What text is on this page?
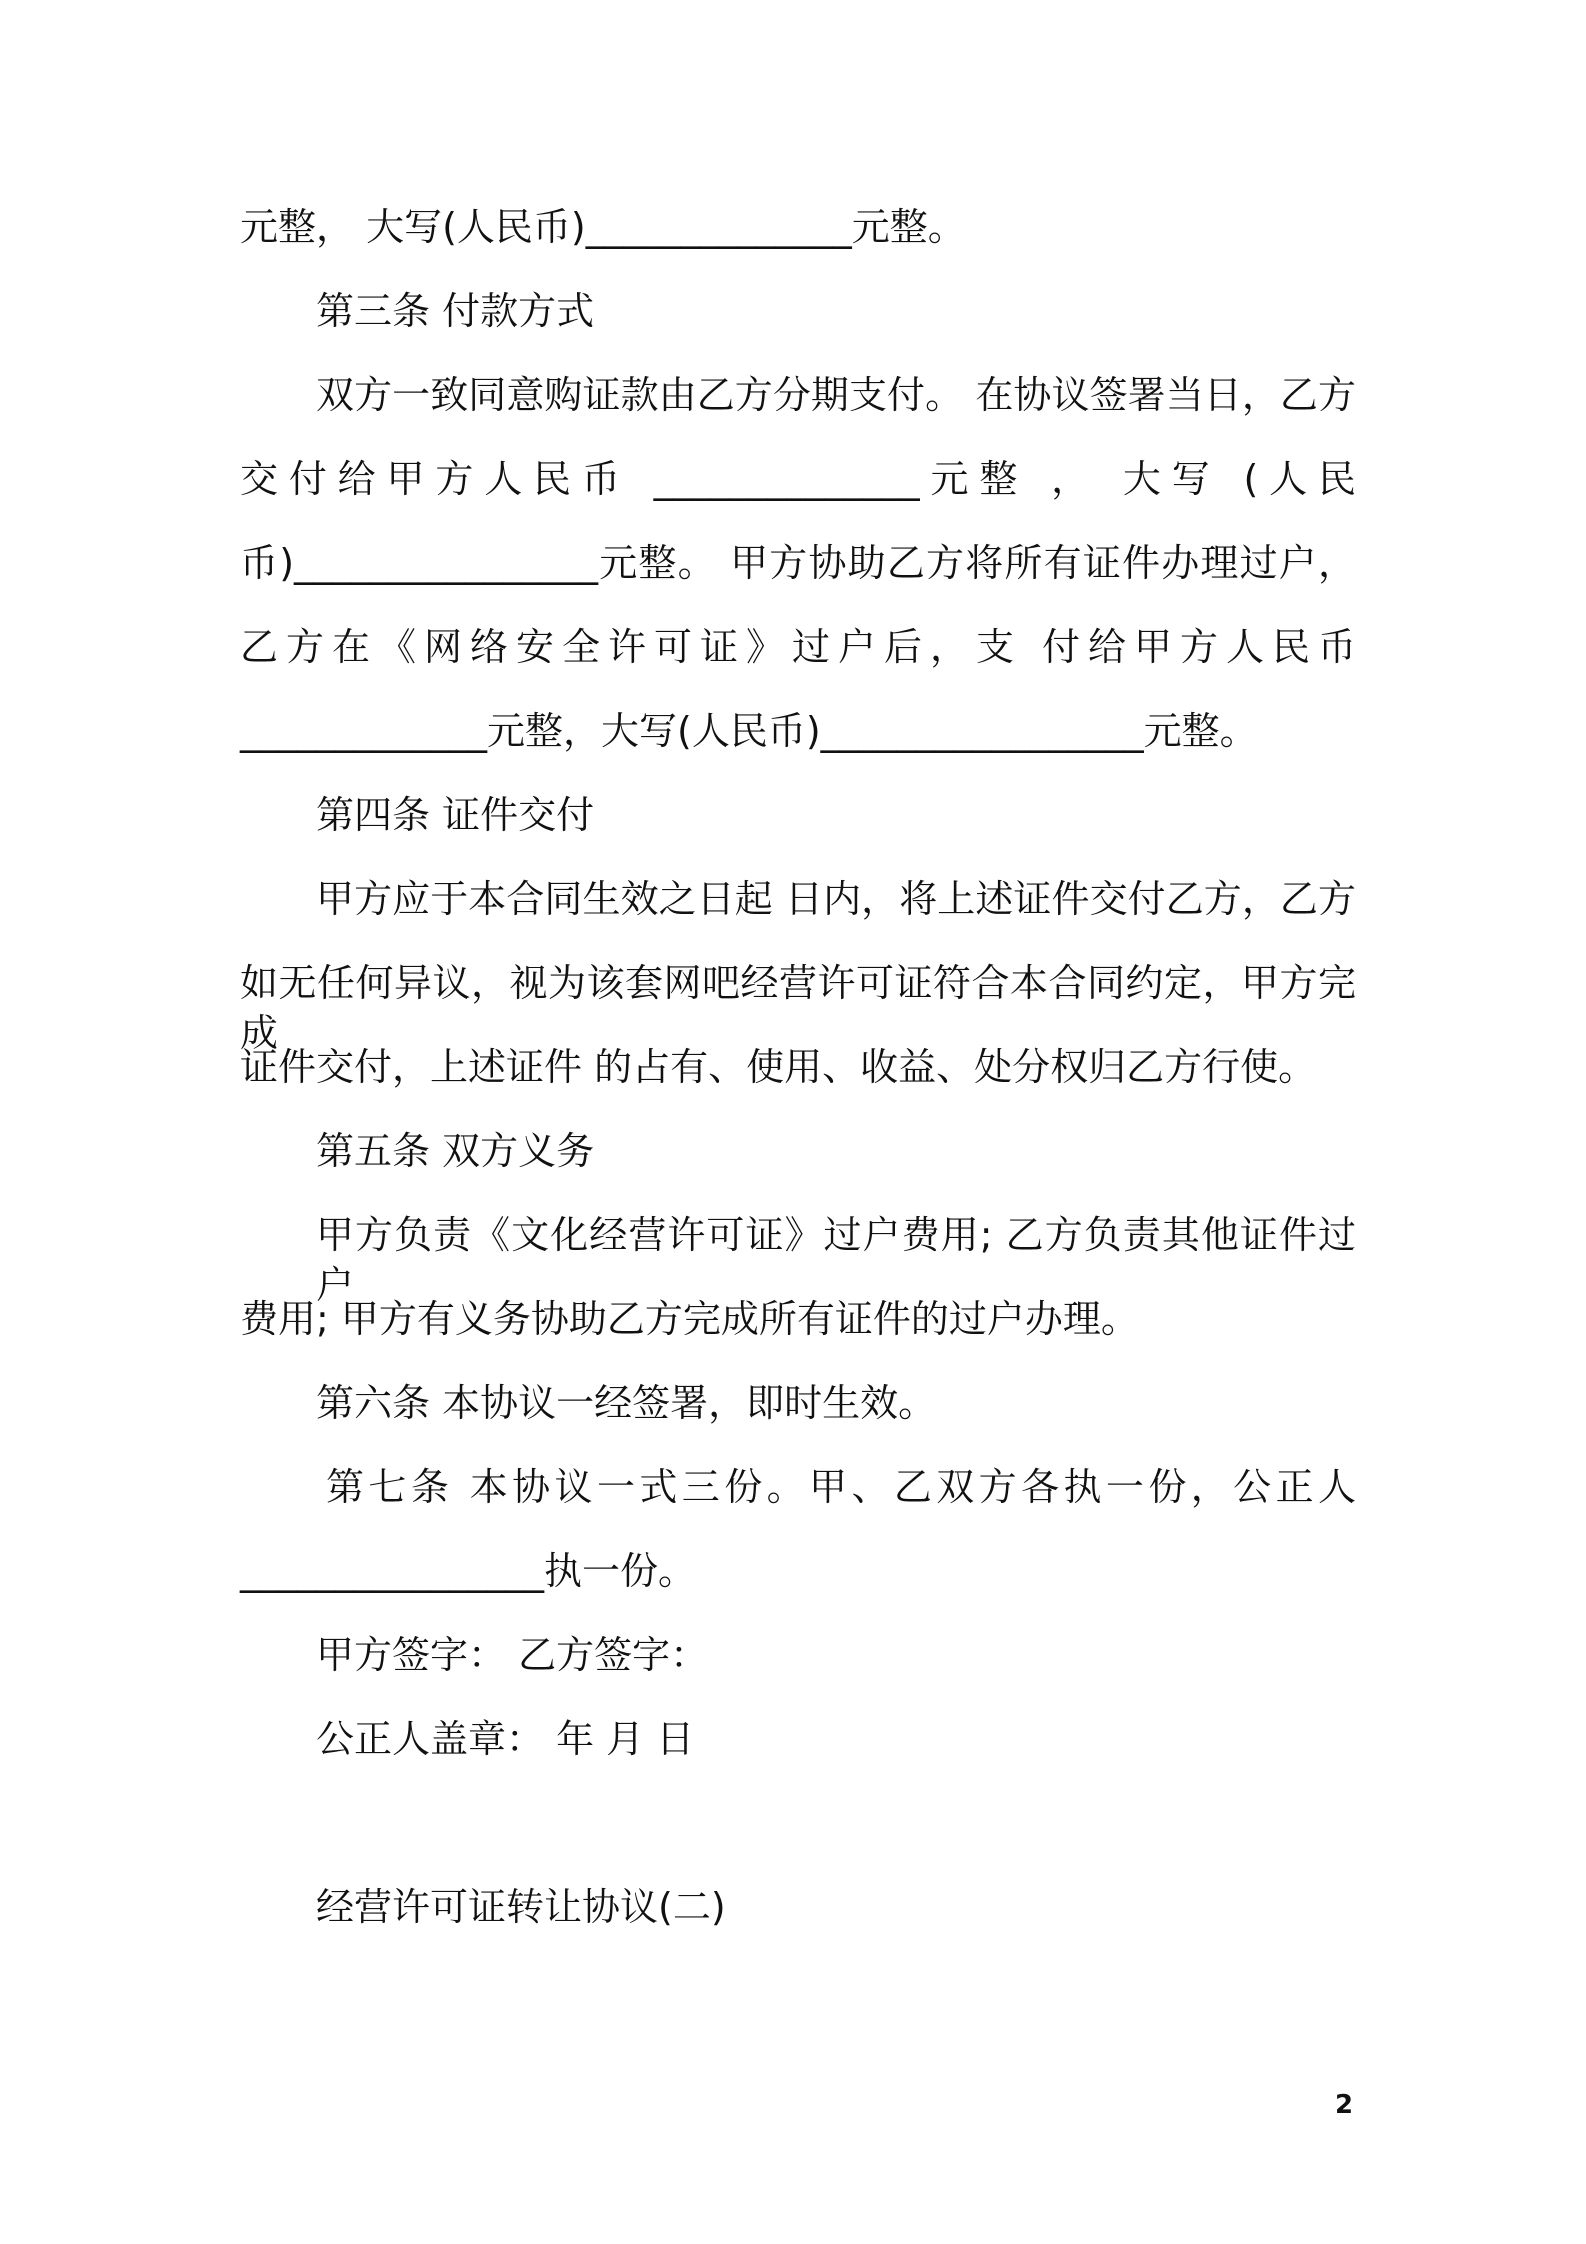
元整， 大写(人民币)______________元整。
第三条 付款方式
双方一致同意购证款由乙方分期支付。 在协议签署当日，乙方
交付给甲方人民币 ______________元整 ， 大写 (人民
币)________________元整。 甲方协助乙方将所有证件办理过户，
乙方在《网络安全许可证》过户后，支 付给甲方人民币
_____________元整，大写(人民币)_________________元整。
第四条 证件交付
甲方应于本合同生效之日起 日内，将上述证件交付乙方，乙方
如无任何异议，视为该套网吧经营许可证符合本合同约定，甲方完成
证件交付，上述证件 的占有、使用、收益、处分权归乙方行使。
第五条 双方义务
甲方负责《文化经营许可证》过户费用; 乙方负责其他证件过户
费用; 甲方有义务协助乙方完成所有证件的过户办理。
第六条 本协议一经签署，即时生效。
第七条 本协议一式三份。甲、乙双方各执一份，公正人
________________执一份。
甲方签字： 乙方签字：
公正人盖章： 年 月 日
经营许可证转让协议(二)
2
